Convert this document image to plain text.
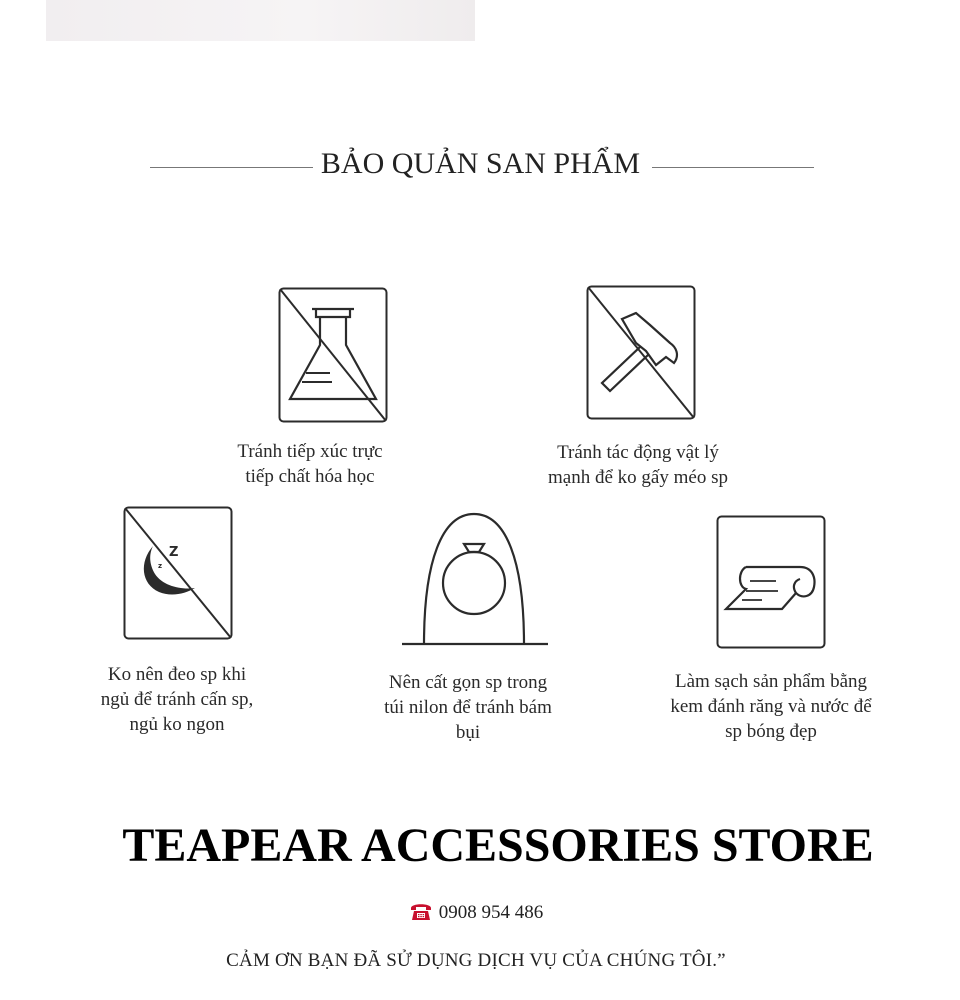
BẢO QUẢN SAN PHẨM
Tránh tiếp xúc trực
tiếp chất hóa học
Tránh tác động vật lý
mạnh để ko gấy méo sp
Z
z
Ko nên đeo sp khi
ngủ để tránh cấn sp,
ngủ ko ngon
Nên cất gọn sp trong
túi nilon để tránh bám
bụi
Làm sạch sản phẩm bằng
kem đánh răng và nước để
sp bóng đẹp
TEAPEAR ACCESSORIES STORE
0908 954 486
CẢM ƠN BẠN ĐÃ SỬ DỤNG DỊCH VỤ CỦA CHÚNG TÔI.”
